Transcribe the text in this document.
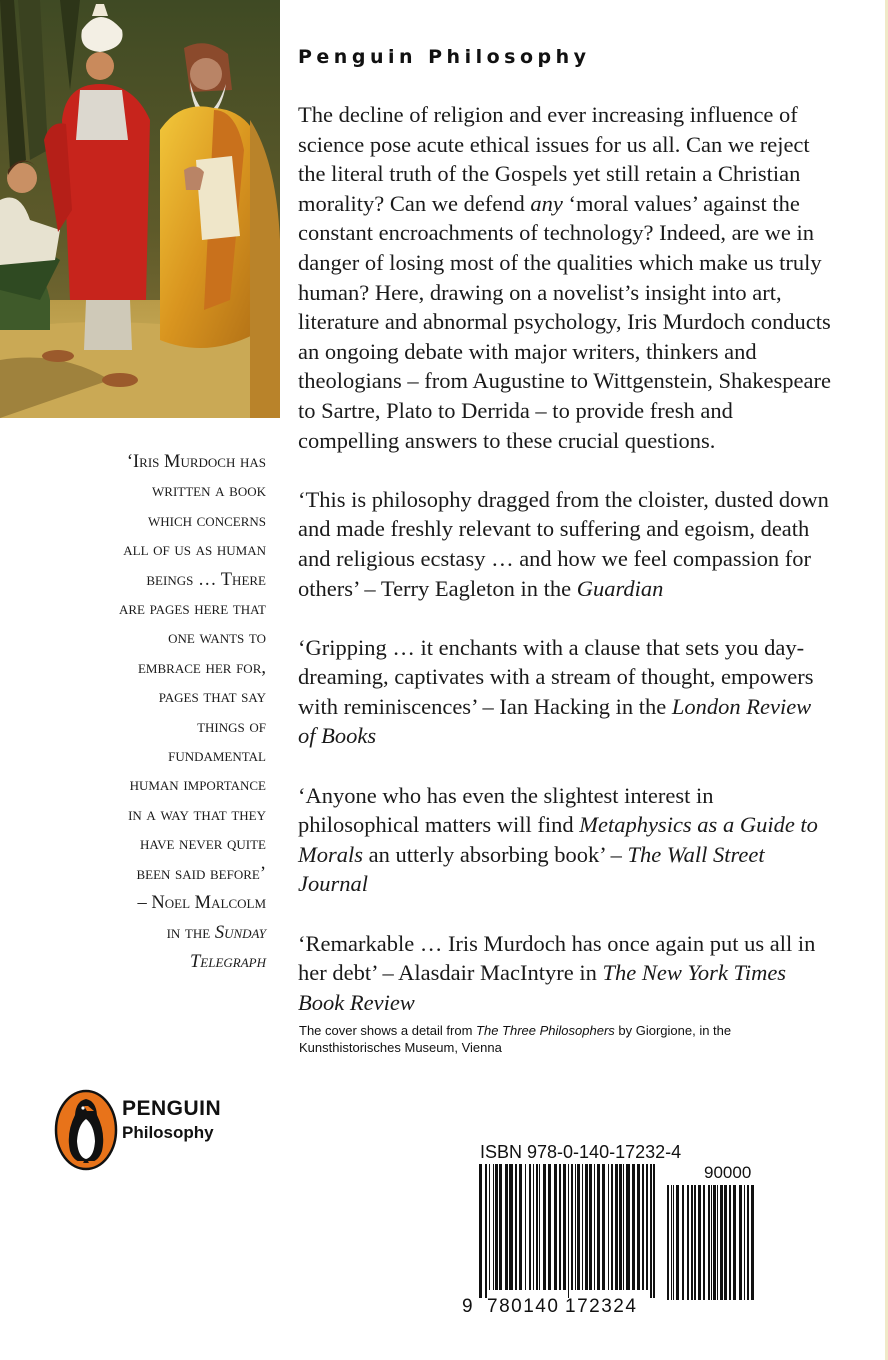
Penguin Philosophy

The decline of religion and ever increasing influence of science pose acute ethical issues for us all. Can we reject the literal truth of the Gospels yet still retain a Christian morality? Can we defend any ‘moral values’ against the constant encroachments of technology? Indeed, are we in danger of losing most of the qualities which make us truly human? Here, drawing on a novelist’s insight into art, literature and abnormal psychology, Iris Murdoch conducts an ongoing debate with major writers, thinkers and theologians – from Augustine to Wittgenstein, Shakespeare to Sartre, Plato to Derrida – to provide fresh and compelling answers to these crucial questions.

‘This is philosophy dragged from the cloister, dusted down and made freshly relevant to suffering and egoism, death and religious ecstasy … and how we feel compassion for others’ – Terry Eagleton in the Guardian

‘Gripping … it enchants with a clause that sets you day-dreaming, captivates with a stream of thought, empowers with reminiscences’ – Ian Hacking in the London Review of Books

‘Anyone who has even the slightest interest in philosophical matters will find Metaphysics as a Guide to Morals an utterly absorbing book’ – The Wall Street Journal

‘Remarkable … Iris Murdoch has once again put us all in her debt’ – Alasdair MacIntyre in The New York Times Book Review

‘Iris Murdoch has
written a book
which concerns
all of us as human
beings … There
are pages here that
one wants to
embrace her for,
pages that say
things of
fundamental
human importance
in a way that they
have never quite
been said before’
– Noel Malcolm
in the Sunday
Telegraph
The cover shows a detail from The Three Philosophers by Giorgione, in the Kunsthistorisches Museum, Vienna
PENGUIN
Philosophy
ISBN 978-0-140-17232-4
90000
9 780140 172324
